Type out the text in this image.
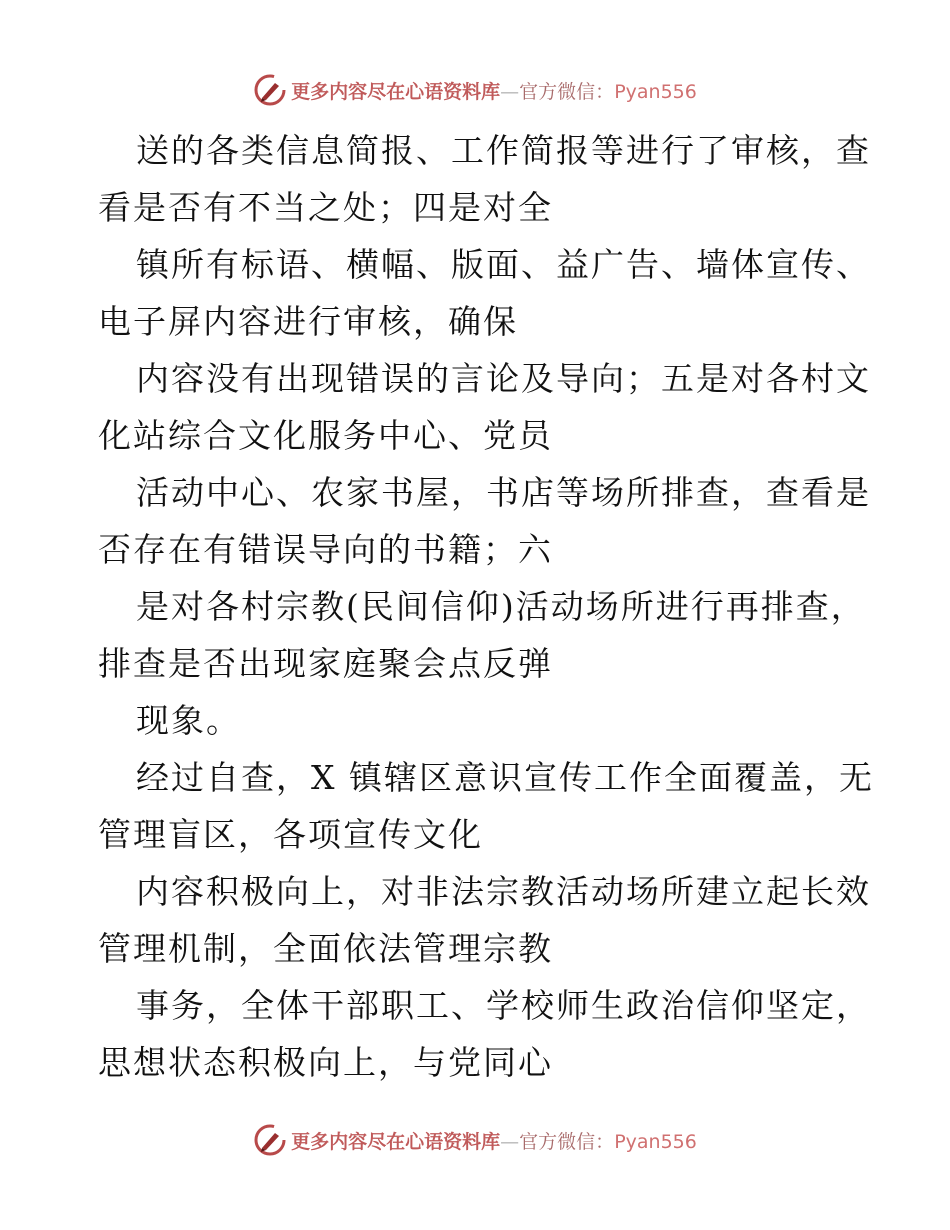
更多内容尽在心语资料库—官方微信：Pyan556
送的各类信息简报、工作简报等进行了审核，查
看是否有不当之处；四是对全
镇所有标语、横幅、版面、益广告、墙体宣传、
电子屏内容进行审核，确保
内容没有出现错误的言论及导向；五是对各村文
化站综合文化服务中心、党员
活动中心、农家书屋，书店等场所排查，查看是
否存在有错误导向的书籍；六
是对各村宗教(民间信仰)活动场所进行再排查，
排查是否出现家庭聚会点反弹
现象。
经过自查，X 镇辖区意识宣传工作全面覆盖，无
管理盲区，各项宣传文化
内容积极向上，对非法宗教活动场所建立起长效
管理机制，全面依法管理宗教
事务，全体干部职工、学校师生政治信仰坚定，
思想状态积极向上，与党同心
更多内容尽在心语资料库—官方微信：Pyan556
